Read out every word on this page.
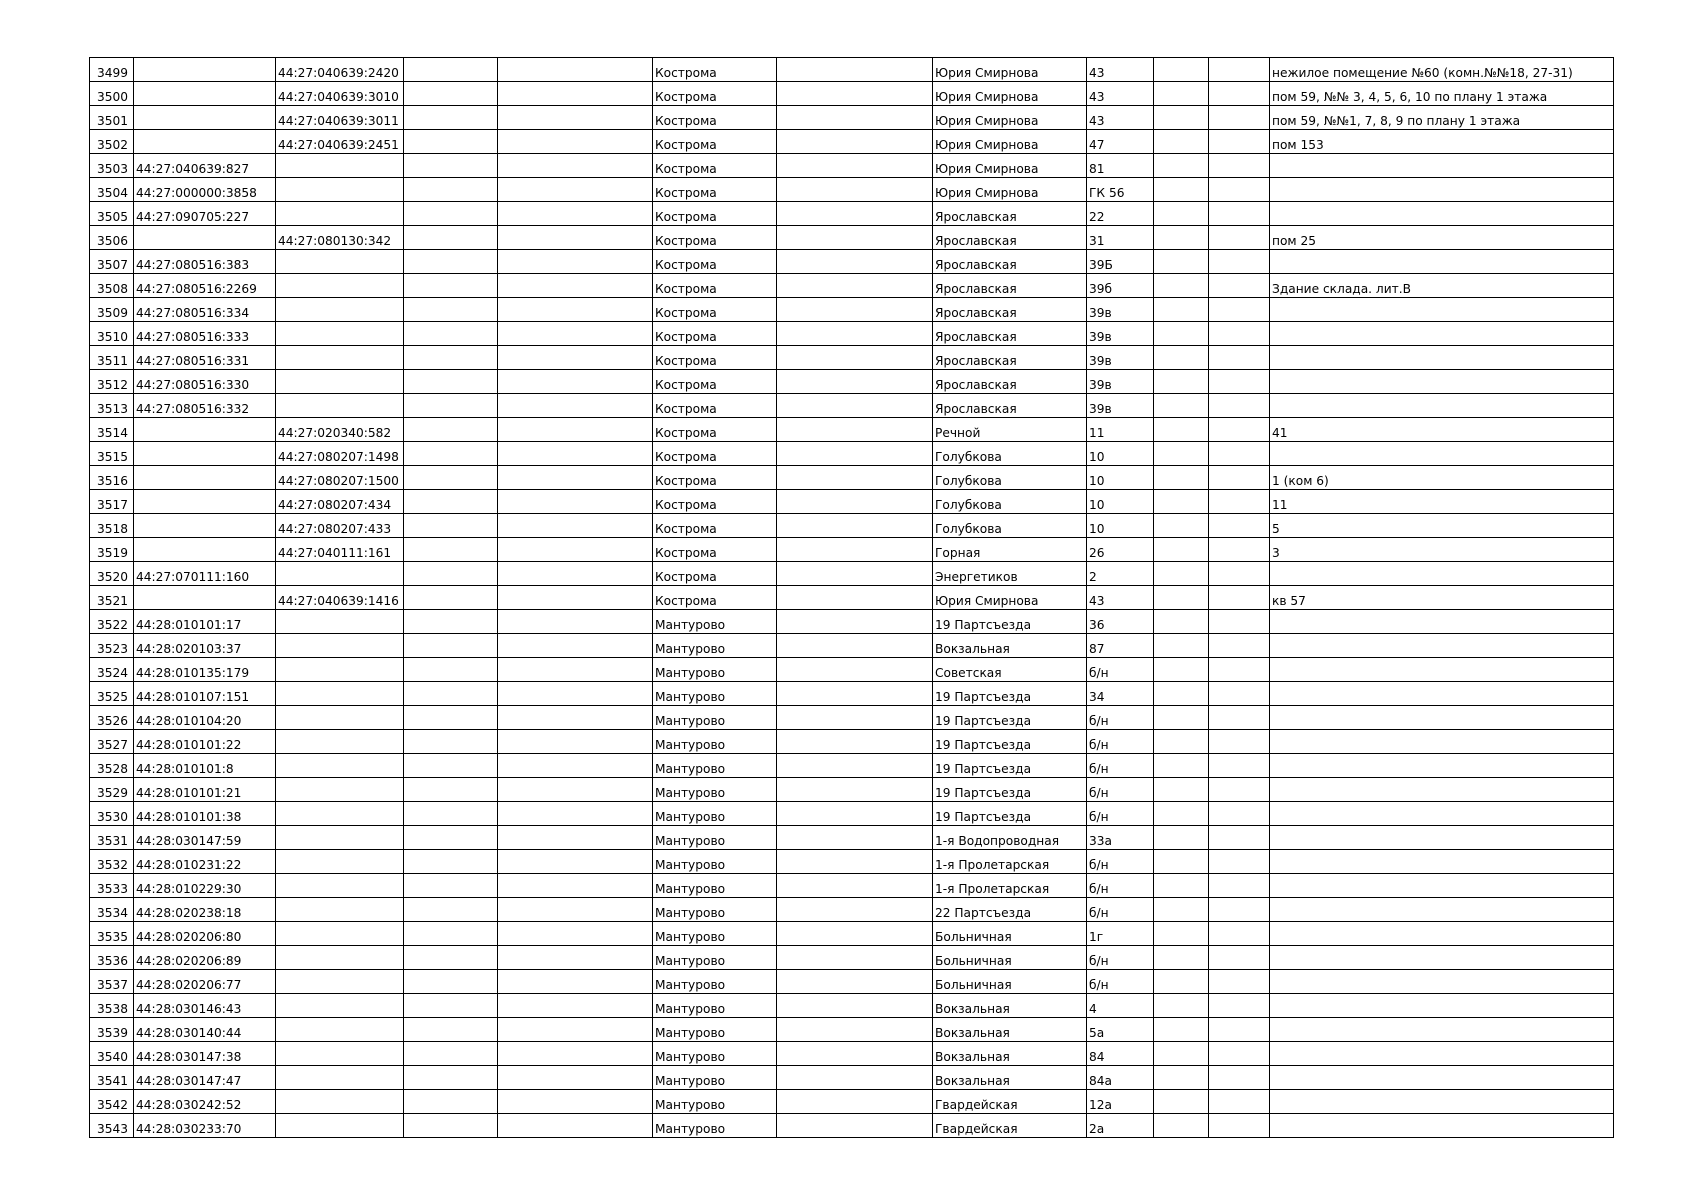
3499		44:27:040639:2420			Кострома		Юрия Смирнова	43			нежилое помещение №60 (комн.№№18, 27-31)
3500		44:27:040639:3010			Кострома		Юрия Смирнова	43			пом 59, №№ 3, 4, 5, 6, 10 по плану 1 этажа
3501		44:27:040639:3011			Кострома		Юрия Смирнова	43			пом 59, №№1, 7, 8, 9 по плану 1 этажа
3502		44:27:040639:2451			Кострома		Юрия Смирнова	47			пом 153
3503	44:27:040639:827				Кострома		Юрия Смирнова	81			
3504	44:27:000000:3858				Кострома		Юрия Смирнова	ГК 56			
3505	44:27:090705:227				Кострома		Ярославская	22			
3506		44:27:080130:342			Кострома		Ярославская	31			пом 25
3507	44:27:080516:383				Кострома		Ярославская	39Б			
3508	44:27:080516:2269				Кострома		Ярославская	39б			Здание склада. лит.В
3509	44:27:080516:334				Кострома		Ярославская	39в			
3510	44:27:080516:333				Кострома		Ярославская	39в			
3511	44:27:080516:331				Кострома		Ярославская	39в			
3512	44:27:080516:330				Кострома		Ярославская	39в			
3513	44:27:080516:332				Кострома		Ярославская	39в			
3514		44:27:020340:582			Кострома		Речной	11			41
3515		44:27:080207:1498			Кострома		Голубкова	10			
3516		44:27:080207:1500			Кострома		Голубкова	10			1 (ком 6)
3517		44:27:080207:434			Кострома		Голубкова	10			11
3518		44:27:080207:433			Кострома		Голубкова	10			5
3519		44:27:040111:161			Кострома		Горная	26			3
3520	44:27:070111:160				Кострома		Энергетиков	2			
3521		44:27:040639:1416			Кострома		Юрия Смирнова	43			кв 57
3522	44:28:010101:17				Мантурово		19 Партсъезда	36			
3523	44:28:020103:37				Мантурово		Вокзальная	87			
3524	44:28:010135:179				Мантурово		Советская	б/н			
3525	44:28:010107:151				Мантурово		19 Партсъезда	34			
3526	44:28:010104:20				Мантурово		19 Партсъезда	б/н			
3527	44:28:010101:22				Мантурово		19 Партсъезда	б/н			
3528	44:28:010101:8				Мантурово		19 Партсъезда	б/н			
3529	44:28:010101:21				Мантурово		19 Партсъезда	б/н			
3530	44:28:010101:38				Мантурово		19 Партсъезда	б/н			
3531	44:28:030147:59				Мантурово		1-я Водопроводная	33а			
3532	44:28:010231:22				Мантурово		1-я Пролетарская	б/н			
3533	44:28:010229:30				Мантурово		1-я Пролетарская	б/н			
3534	44:28:020238:18				Мантурово		22 Партсъезда	б/н			
3535	44:28:020206:80				Мантурово		Больничная	1г			
3536	44:28:020206:89				Мантурово		Больничная	б/н			
3537	44:28:020206:77				Мантурово		Больничная	б/н			
3538	44:28:030146:43				Мантурово		Вокзальная	4			
3539	44:28:030140:44				Мантурово		Вокзальная	5а			
3540	44:28:030147:38				Мантурово		Вокзальная	84			
3541	44:28:030147:47				Мантурово		Вокзальная	84а			
3542	44:28:030242:52				Мантурово		Гвардейская	12а			
3543	44:28:030233:70				Мантурово		Гвардейская	2а			
